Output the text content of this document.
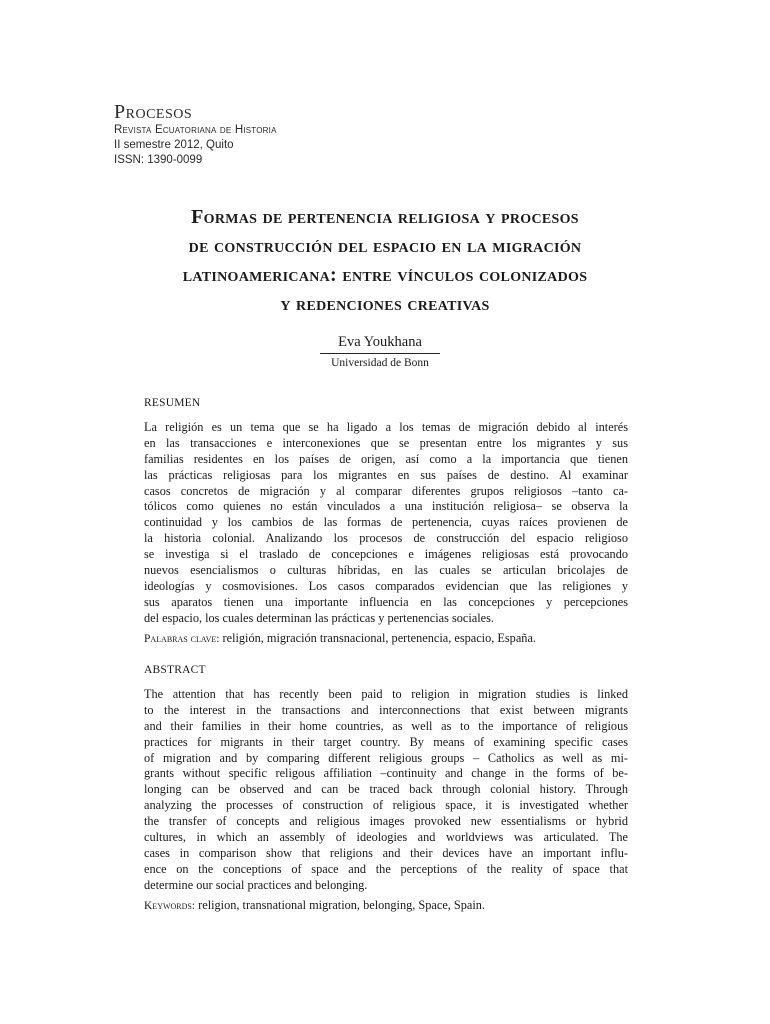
Procesos
Revista Ecuatoriana de Historia
II semestre 2012, Quito
ISSN: 1390-0099
Formas de pertenencia religiosa y procesos
de construcción del espacio en la migración
latinoamericana: entre vínculos colonizados
y redenciones creativas
Eva Youkhana
Universidad de Bonn
RESUMEN
La religión es un tema que se ha ligado a los temas de migración debido al interés
en las transacciones e interconexiones que se presentan entre los migrantes y sus
familias residentes en los países de origen, así como a la importancia que tienen
las prácticas religiosas para los migrantes en sus países de destino. Al examinar
casos concretos de migración y al comparar diferentes grupos religiosos –tanto ca-
tólicos como quienes no están vinculados a una institución religiosa– se observa la
continuidad y los cambios de las formas de pertenencia, cuyas raíces provienen de
la historia colonial. Analizando los procesos de construcción del espacio religioso
se investiga si el traslado de concepciones e imágenes religiosas está provocando
nuevos esencialismos o culturas híbridas, en las cuales se articulan bricolajes de
ideologías y cosmovisiones. Los casos comparados evidencian que las religiones y
sus aparatos tienen una importante influencia en las concepciones y percepciones
del espacio, los cuales determinan las prácticas y pertenencias sociales.
Palabras clave: religión, migración transnacional, pertenencia, espacio, España.
ABSTRACT
The attention that has recently been paid to religion in migration studies is linked
to the interest in the transactions and interconnections that exist between migrants
and their families in their home countries, as well as to the importance of religious
practices for migrants in their target country. By means of examining specific cases
of migration and by comparing different religious groups – Catholics as well as mi-
grants without specific religous affiliation –continuity and change in the forms of be-
longing can be observed and can be traced back through colonial history. Through
analyzing the processes of construction of religious space, it is investigated whether
the transfer of concepts and religious images provoked new essentialisms or hybrid
cultures, in which an assembly of ideologies and worldviews was articulated. The
cases in comparison show that religions and their devices have an important influ-
ence on the conceptions of space and the perceptions of the reality of space that
determine our social practices and belonging.
Keywords: religion, transnational migration, belonging, Space, Spain.
